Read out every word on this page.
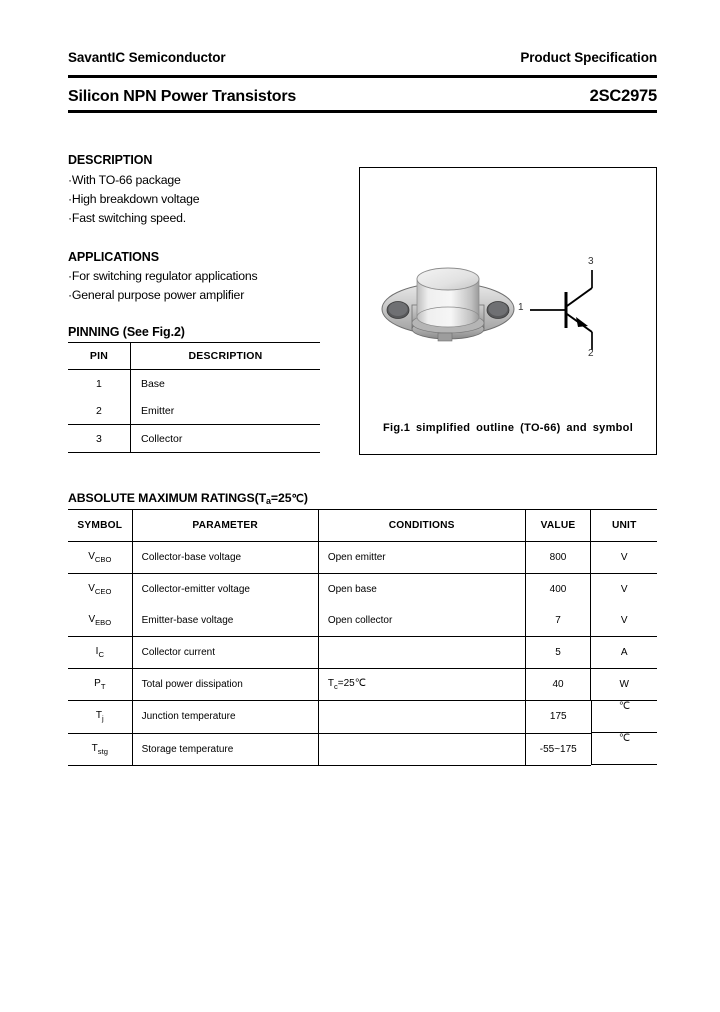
SavantIC Semiconductor	Product Specification
Silicon NPN Power Transistors	2SC2975
DESCRIPTION
·With TO-66 package
·High breakdown voltage
·Fast switching speed.
APPLICATIONS
·For switching regulator applications
·General purpose power amplifier
PINNING (See Fig.2)
PIN	DESCRIPTION
1	Base
2	Emitter
3	Collector
1
3
2
Fig.1 simplified outline (TO-66) and symbol
ABSOLUTE MAXIMUM RATINGS(Ta=25℃)
SYMBOL	PARAMETER	CONDITIONS	VALUE	UNIT
$V_{CBO}$	Collector-base voltage	Open emitter	800	V
$V_{CEO}$	Collector-emitter voltage	Open base	400	V
$V_{EBO}$	Emitter-base voltage	Open collector	7	V
$I_C$	Collector current		5	A
$P_T$	Total power dissipation	$T_c=25℃$	40	W
$T_j$	Junction temperature		175	℃
$T_{stg}$	Storage temperature		-55~175	℃
